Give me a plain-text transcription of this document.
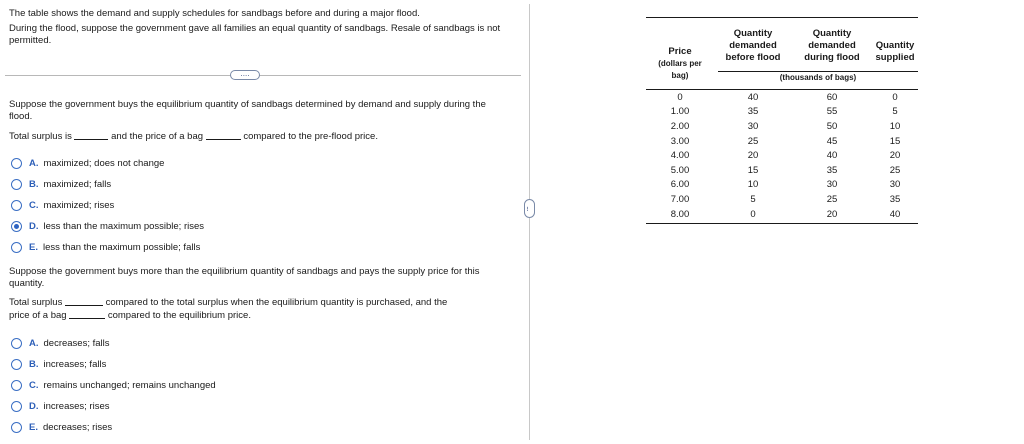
The table shows the demand and supply schedules for sandbags before and during a major flood.

During the flood, suppose the government gave all families an equal quantity of sandbags. Resale of sandbags is not permitted.

....

Suppose the government buys the equilibrium quantity of sandbags determined by demand and supply during the flood.

Total surplus is	and the price of a bag	compared to the pre-flood price.

A. maximized; does not change
B. maximized; falls
C. maximized; rises
D. less than the maximum possible; rises
E. less than the maximum possible; falls

Suppose the government buys more than the equilibrium quantity of sandbags and pays the supply price for this quantity.

Total surplus	compared to the total surplus when the equilibrium quantity is purchased, and the
price of a bag	compared to the equilibrium price.

A. decreases; falls
B. increases; falls
C. remains unchanged; remains unchanged
D. increases; rises
E. decreases; rises
...
Price
(dollars per
bag)
Quantity
demanded
before flood
Quantity
demanded
during flood
Quantity
supplied
(thousands of bags)
0	40	60	0
1.00	35	55	5
2.00	30	50	10
3.00	25	45	15
4.00	20	40	20
5.00	15	35	25
6.00	10	30	30
7.00	5	25	35
8.00	0	20	40
